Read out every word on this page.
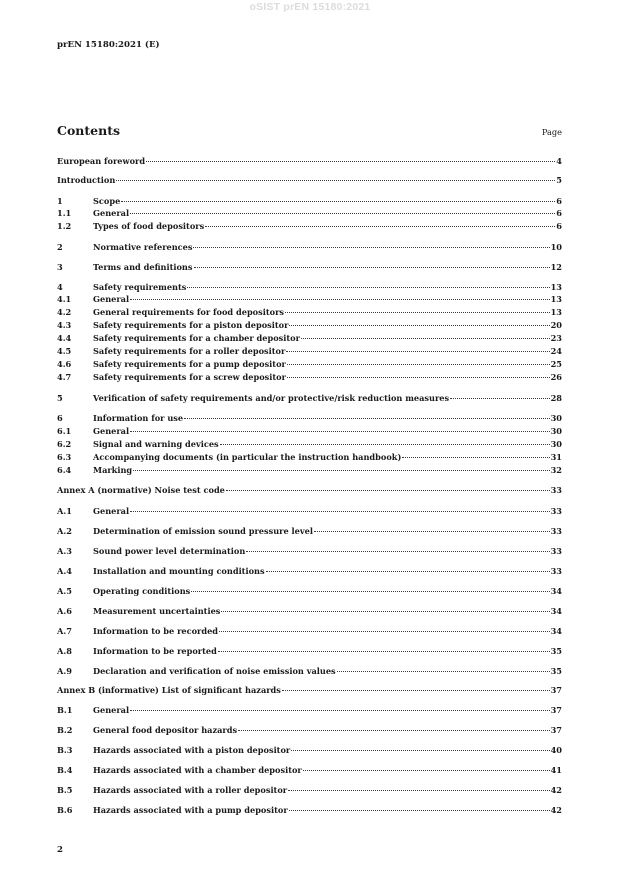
oSIST prEN 15180:2021
prEN 15180:2021 (E)
Contents	Page
European foreword	4
Introduction	5
1	Scope	6
1.1	General	6
1.2	Types of food depositors	6
2	Normative references	10
3	Terms and definitions	12
4	Safety requirements	13
4.1	General	13
4.2	General requirements for food depositors	13
4.3	Safety requirements for a piston depositor	20
4.4	Safety requirements for a chamber depositor	23
4.5	Safety requirements for a roller depositor	24
4.6	Safety requirements for a pump depositor	25
4.7	Safety requirements for a screw depositor	26
5	Verification of safety requirements and/or protective/risk reduction measures	28
6	Information for use	30
6.1	General	30
6.2	Signal and warning devices	30
6.3	Accompanying documents (in particular the instruction handbook)	31
6.4	Marking	32
Annex A (normative) Noise test code	33
A.1	General	33
A.2	Determination of emission sound pressure level	33
A.3	Sound power level determination	33
A.4	Installation and mounting conditions	33
A.5	Operating conditions	34
A.6	Measurement uncertainties	34
A.7	Information to be recorded	34
A.8	Information to be reported	35
A.9	Declaration and verification of noise emission values	35
Annex B (informative) List of significant hazards	37
B.1	General	37
B.2	General food depositor hazards	37
B.3	Hazards associated with a piston depositor	40
B.4	Hazards associated with a chamber depositor	41
B.5	Hazards associated with a roller depositor	42
B.6	Hazards associated with a pump depositor	42
2
